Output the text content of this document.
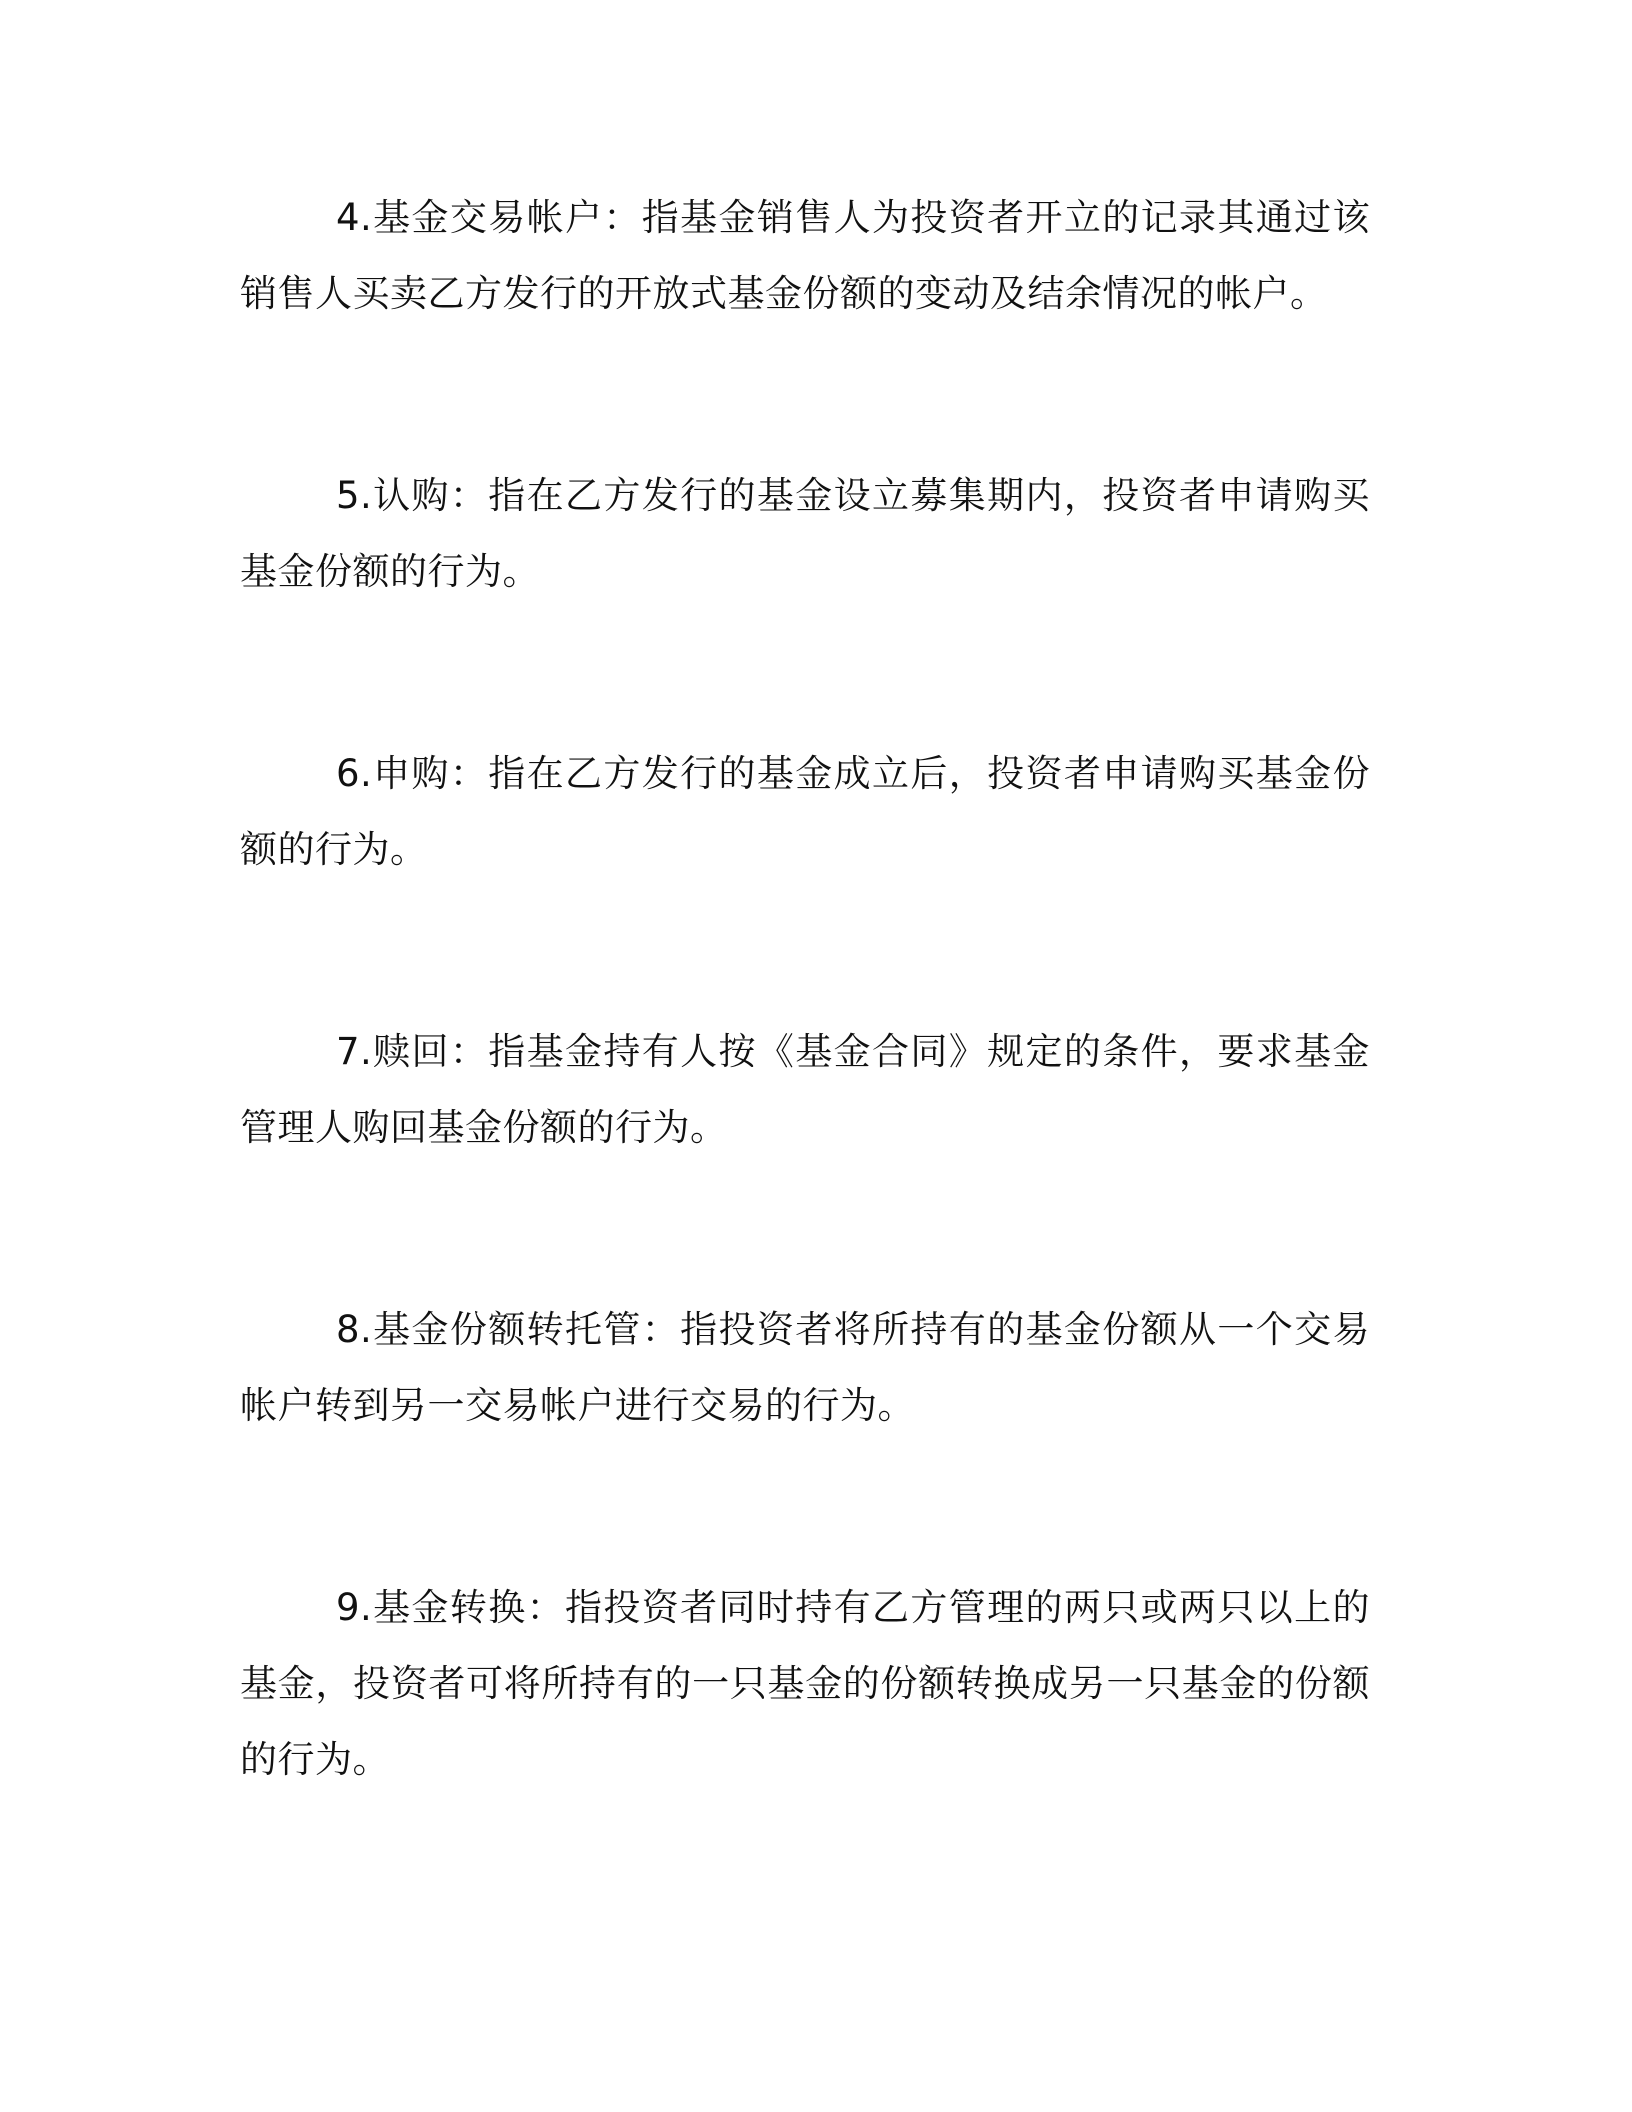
4.基金交易帐户：指基金销售人为投资者开立的记录其通过该销售人买卖乙方发行的开放式基金份额的变动及结余情况的帐户。

5.认购：指在乙方发行的基金设立募集期内，投资者申请购买基金份额的行为。

6.申购：指在乙方发行的基金成立后，投资者申请购买基金份额的行为。

7.赎回：指基金持有人按《基金合同》规定的条件，要求基金管理人购回基金份额的行为。

8.基金份额转托管：指投资者将所持有的基金份额从一个交易帐户转到另一交易帐户进行交易的行为。

9.基金转换：指投资者同时持有乙方管理的两只或两只以上的基金，投资者可将所持有的一只基金的份额转换成另一只基金的份额的行为。
